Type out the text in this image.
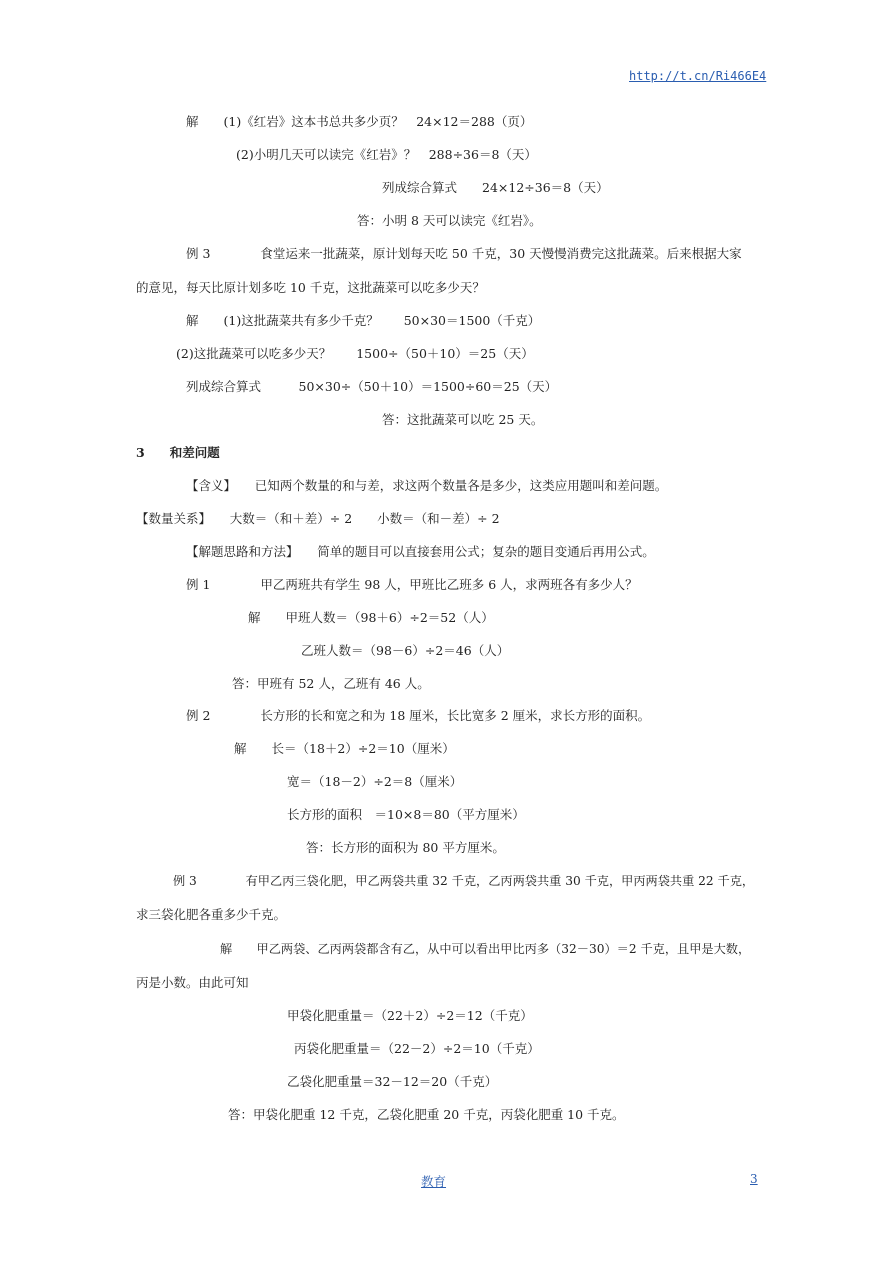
http://t.cn/Ri466E4
解　　(1)《红岩》这本书总共多少页？　24×12＝288（页）
(2)小明几天可以读完《红岩》？　288÷36＝8（天）
列成综合算式　　24×12÷36＝8（天）
答：小明 8 天可以读完《红岩》。
例 3　　　　食堂运来一批蔬菜，原计划每天吃 50 千克，30 天慢慢消费完这批蔬菜。后来根据大家
的意见，每天比原计划多吃 10 千克，这批蔬菜可以吃多少天？
解　　(1)这批蔬菜共有多少千克？　　50×30＝1500（千克）
(2)这批蔬菜可以吃多少天？　　1500÷（50＋10）＝25（天）
列成综合算式　　　50×30÷（50＋10）＝1500÷60＝25（天）
答：这批蔬菜可以吃 25 天。
3　　和差问题
【含义】　　已知两个数量的和与差，求这两个数量各是多少，这类应用题叫和差问题。
【数量关系】　　大数＝（和＋差）÷ 2　　小数＝（和－差）÷ 2
【解题思路和方法】　　简单的题目可以直接套用公式；复杂的题目变通后再用公式。
例 1　　　　甲乙两班共有学生 98 人，甲班比乙班多 6 人，求两班各有多少人？
解　　甲班人数＝（98＋6）÷2＝52（人）
乙班人数＝（98－6）÷2＝46（人）
答：甲班有 52 人，乙班有 46 人。
例 2　　　　长方形的长和宽之和为 18 厘米，长比宽多 2 厘米，求长方形的面积。
解　　长＝（18＋2）÷2＝10（厘米）
宽＝（18－2）÷2＝8（厘米）
长方形的面积　＝10×8＝80（平方厘米）
答：长方形的面积为 80 平方厘米。
例 3　　　　有甲乙丙三袋化肥，甲乙两袋共重 32 千克，乙丙两袋共重 30 千克，甲丙两袋共重 22 千克，
求三袋化肥各重多少千克。
解　　甲乙两袋、乙丙两袋都含有乙，从中可以看出甲比丙多（32－30）＝2 千克，且甲是大数，
丙是小数。由此可知
甲袋化肥重量＝（22＋2）÷2＝12（千克）
丙袋化肥重量＝（22－2）÷2＝10（千克）
乙袋化肥重量＝32－12＝20（千克）
答：甲袋化肥重 12 千克，乙袋化肥重 20 千克，丙袋化肥重 10 千克。
教育	3
